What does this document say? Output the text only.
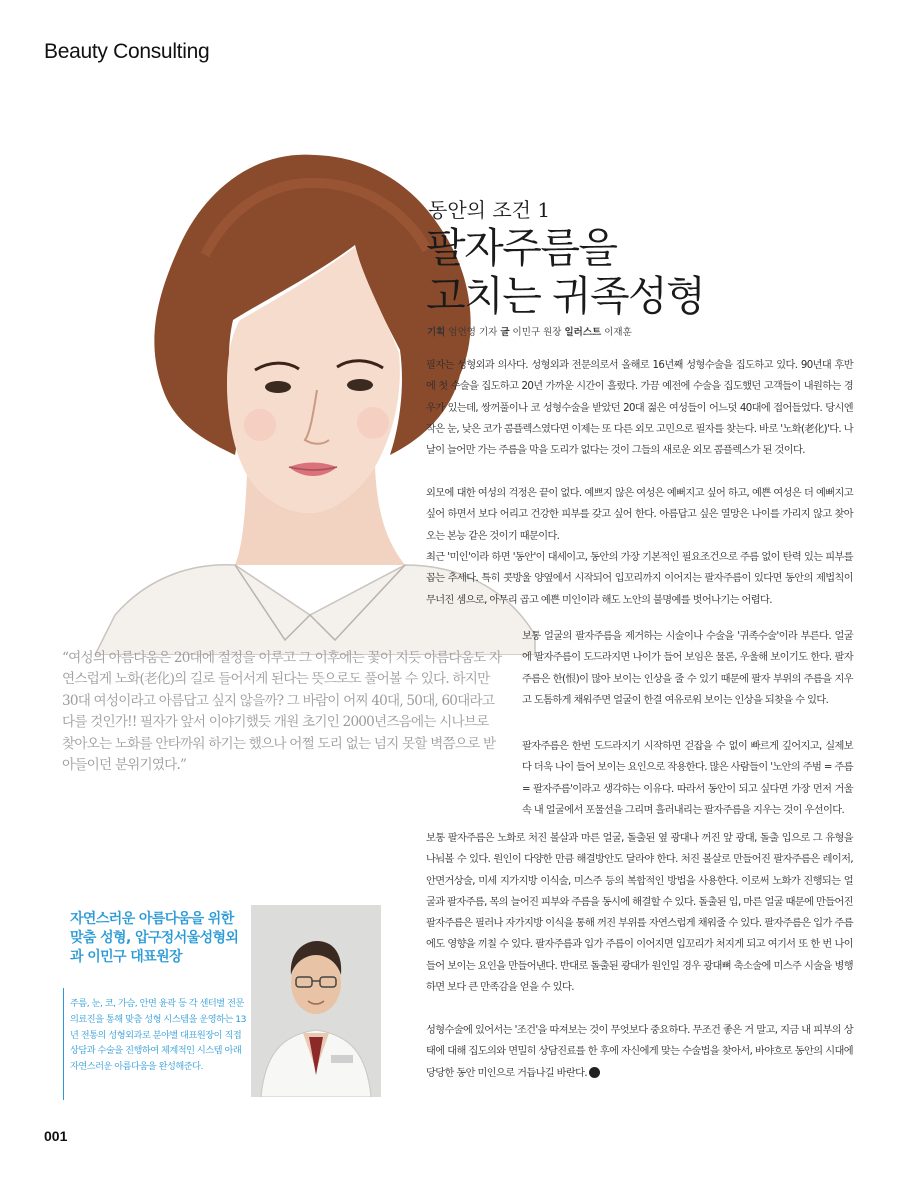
Beauty Consulting
동안의 조건 1
팔자주름을
고치는 귀족성형
기획 엄언영 기자 글 이민구 원장 일러스트 이재훈

필자는 성형외과 의사다. 성형외과 전문의로서 올해로 16년째 성형수술을 집도하고 있다. 90년대 후반에 첫 수술을 집도하고 20년 가까운 시간이 흘렀다. 가끔 예전에 수술을 집도했던 고객들이 내원하는 경우가 있는데, 쌍꺼풀이나 코 성형수술을 받았던 20대 젊은 여성들이 어느덧 40대에 접어들었다. 당시엔 작은 눈, 낮은 코가 콤플렉스였다면 이제는 또 다른 외모 고민으로 필자를 찾는다. 바로 '노화(老化)'다. 나날이 늘어만 가는 주름을 막을 도리가 없다는 것이 그들의 새로운 외모 콤플렉스가 된 것이다.

외모에 대한 여성의 걱정은 끝이 없다. 예쁘지 않은 여성은 예뻐지고 싶어 하고, 예쁜 여성은 더 예뻐지고 싶어 하면서 보다 어리고 건강한 피부를 갖고 싶어 한다. 아름답고 싶은 열망은 나이를 가리지 않고 찾아오는 본능 같은 것이기 때문이다.

최근 '미인'이라 하면 '동안'이 대세이고, 동안의 가장 기본적인 필요조건으로 주름 없이 탄력 있는 피부를 꼽는 추세다. 특히 콧방울 양옆에서 시작되어 입꼬리까지 이어지는 팔자주름이 있다면 동안의 제법칙이 무너진 셈으로, 아무리 곱고 예쁜 미인이라 해도 노안의 불명예를 벗어나기는 어렵다.

보통 얼굴의 팔자주름을 제거하는 시술이나 수술을 '귀족수술'이라 부른다. 얼굴에 팔자주름이 도드라지면 나이가 들어 보임은 물론, 우울해 보이기도 한다. 팔자주름은 한(恨)이 많아 보이는 인상을 줄 수 있기 때문에 팔자 부위의 주름을 지우고 도톰하게 채워주면 얼굴이 한결 여유로워 보이는 인상을 되찾을 수 있다.

팔자주름은 한번 도드라지기 시작하면 걷잡을 수 없이 빠르게 깊어지고, 실제보다 더욱 나이 들어 보이는 요인으로 작용한다. 많은 사람들이 '노안의 주범 = 주름 = 팔자주름'이라고 생각하는 이유다. 따라서 동안이 되고 싶다면 가장 먼저 거울 속 내 얼굴에서 포물선을 그리며 흘러내리는 팔자주름을 지우는 것이 우선이다.

보통 팔자주름은 노화로 처진 볼살과 마른 얼굴, 돌출된 옆 광대나 꺼진 앞 광대, 돌출 입으로 그 유형을 나눠볼 수 있다. 원인이 다양한 만큼 해결방안도 달라야 한다. 처진 볼살로 만들어진 팔자주름은 레이저, 안면거상술, 미세 지가지방 이식술, 미스주 등의 복합적인 방법을 사용한다. 이로써 노화가 진행되는 얼굴과 팔자주름, 목의 늘어진 피부와 주름을 동시에 해결할 수 있다. 돌출된 입, 마른 얼굴 때문에 만들어진 팔자주름은 필러나 자가지방 이식을 통해 꺼진 부위를 자연스럽게 채워줄 수 있다. 팔자주름은 입가 주름에도 영향을 끼칠 수 있다. 팔자주름과 입가 주름이 이어지면 입꼬리가 처지게 되고 여기서 또 한 번 나이 들어 보이는 요인을 만들어낸다. 반대로 돌출된 광대가 원인일 경우 광대뼈 축소술에 미스주 시술을 병행하면 보다 큰 만족감을 얻을 수 있다.

성형수술에 있어서는 '조건'을 따져보는 것이 무엇보다 중요하다. 무조건 좋은 거 말고, 지금 내 피부의 상태에 대해 집도의와 면밀히 상담진료를 한 후에 자신에게 맞는 수술법을 찾아서, 바야흐로 동안의 시대에 당당한 동안 미인으로 거듭나길 바란다.

“여성의 아름다움은 20대에 절정을 이루고 그 이후에는 꽃이 지듯 아름다움도 자연스럽게 노화(老化)의 길로 들어서게 된다는 뜻으로도 풀어볼 수 있다. 하지만 30대 여성이라고 아름답고 싶지 않을까? 그 바람이 어찌 40대, 50대, 60대라고 다를 것인가!! 필자가 앞서 이야기했듯 개원 초기인 2000년즈음에는 시나브로 찾아오는 노화를 안타까워 하기는 했으나 어쩔 도리 없는 넘지 못할 벽쯤으로 받아들이던 분위기였다.”
자연스러운 아름다움을 위한 맞춤 성형, 압구정서울성형외과 이민구 대표원장
주름, 눈, 코, 가슴, 안면 윤곽 등 각 센터별 전문 의료진을 통해 맞춤 성형 시스템을 운영하는 13년 전통의 성형외과로 분야별 대표원장이 직접 상담과 수술을 진행하여 체계적인 시스템 아래 자연스러운 아름다움을 완성해준다.
001
